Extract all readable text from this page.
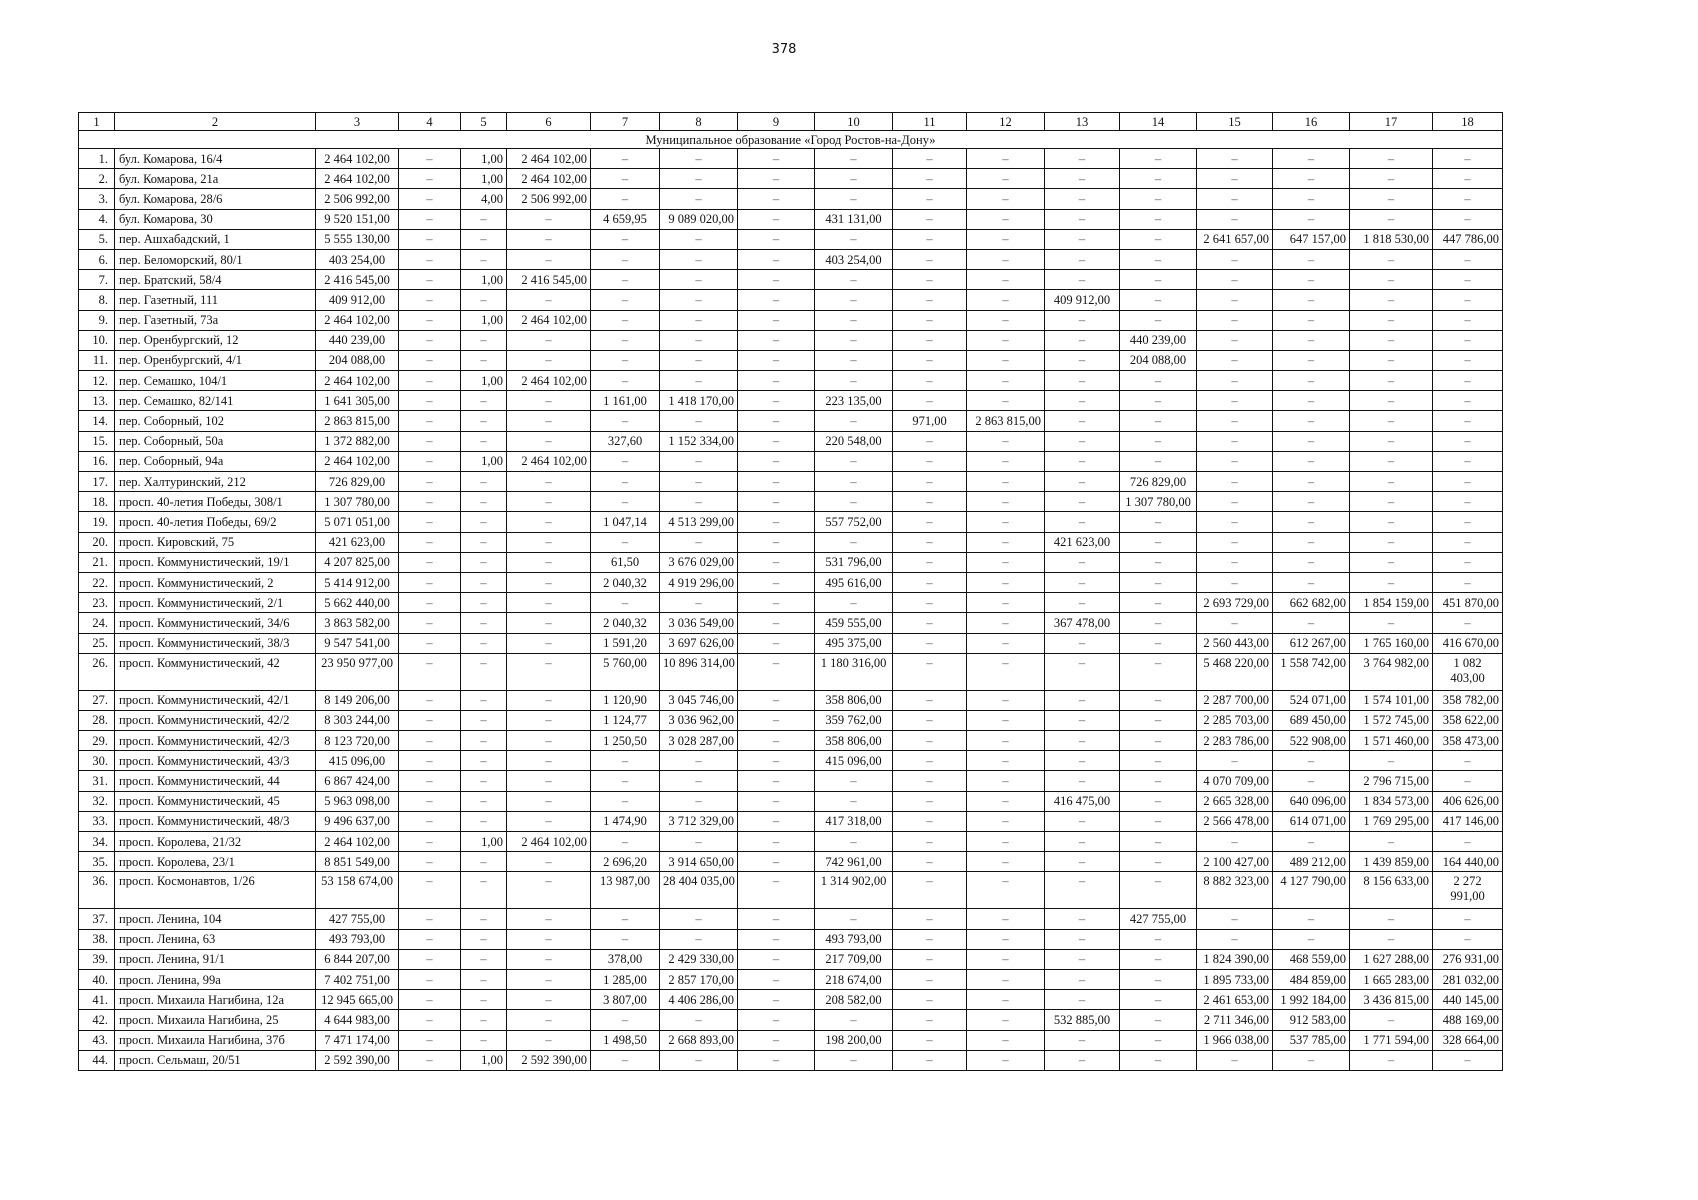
378
1	2	3	4	5	6	7	8	9	10	11	12	13	14	15	16	17	18
Муниципальное образование «Город Ростов-на-Дону»																	
1.	бул. Комарова, 16/4	2 464 102,00	–	1,00	2 464 102,00	–	–	–	–	–	–	–	–	–	–	–	–
2.	бул. Комарова, 21а	2 464 102,00	–	1,00	2 464 102,00	–	–	–	–	–	–	–	–	–	–	–	–
3.	бул. Комарова, 28/6	2 506 992,00	–	4,00	2 506 992,00	–	–	–	–	–	–	–	–	–	–	–	–
4.	бул. Комарова, 30	9 520 151,00	–	–	–	4 659,95	9 089 020,00	–	431 131,00	–	–	–	–	–	–	–	–
5.	пер. Ашхабадский, 1	5 555 130,00	–	–	–	–	–	–	–	–	–	–	–	2 641 657,00	647 157,00	1 818 530,00	447 786,00
6.	пер. Беломорский, 80/1	403 254,00	–	–	–	–	–	–	403 254,00	–	–	–	–	–	–	–	–
7.	пер. Братский, 58/4	2 416 545,00	–	1,00	2 416 545,00	–	–	–	–	–	–	–	–	–	–	–	–
8.	пер. Газетный, 111	409 912,00	–	–	–	–	–	–	–	–	–	409 912,00	–	–	–	–	–
9.	пер. Газетный, 73а	2 464 102,00	–	1,00	2 464 102,00	–	–	–	–	–	–	–	–	–	–	–	–
10.	пер. Оренбургский, 12	440 239,00	–	–	–	–	–	–	–	–	–	–	440 239,00	–	–	–	–
11.	пер. Оренбургский, 4/1	204 088,00	–	–	–	–	–	–	–	–	–	–	204 088,00	–	–	–	–
12.	пер. Семашко, 104/1	2 464 102,00	–	1,00	2 464 102,00	–	–	–	–	–	–	–	–	–	–	–	–
13.	пер. Семашко, 82/141	1 641 305,00	–	–	–	1 161,00	1 418 170,00	–	223 135,00	–	–	–	–	–	–	–	–
14.	пер. Соборный, 102	2 863 815,00	–	–	–	–	–	–	–	971,00	2 863 815,00	–	–	–	–	–	–
15.	пер. Соборный, 50а	1 372 882,00	–	–	–	327,60	1 152 334,00	–	220 548,00	–	–	–	–	–	–	–	–
16.	пер. Соборный, 94а	2 464 102,00	–	1,00	2 464 102,00	–	–	–	–	–	–	–	–	–	–	–	–
17.	пер. Халтуринский, 212	726 829,00	–	–	–	–	–	–	–	–	–	–	726 829,00	–	–	–	–
18.	просп. 40-летия Победы, 308/1	1 307 780,00	–	–	–	–	–	–	–	–	–	–	1 307 780,00	–	–	–	–
19.	просп. 40-летия Победы, 69/2	5 071 051,00	–	–	–	1 047,14	4 513 299,00	–	557 752,00	–	–	–	–	–	–	–	–
20.	просп. Кировский, 75	421 623,00	–	–	–	–	–	–	–	–	–	421 623,00	–	–	–	–	–
21.	просп. Коммунистический, 19/1	4 207 825,00	–	–	–	61,50	3 676 029,00	–	531 796,00	–	–	–	–	–	–	–	–
22.	просп. Коммунистический, 2	5 414 912,00	–	–	–	2 040,32	4 919 296,00	–	495 616,00	–	–	–	–	–	–	–	–
23.	просп. Коммунистический, 2/1	5 662 440,00	–	–	–	–	–	–	–	–	–	–	–	2 693 729,00	662 682,00	1 854 159,00	451 870,00
24.	просп. Коммунистический, 34/6	3 863 582,00	–	–	–	2 040,32	3 036 549,00	–	459 555,00	–	–	367 478,00	–	–	–	–	–
25.	просп. Коммунистический, 38/3	9 547 541,00	–	–	–	1 591,20	3 697 626,00	–	495 375,00	–	–	–	–	2 560 443,00	612 267,00	1 765 160,00	416 670,00
26.	просп. Коммунистический, 42	23 950 977,00	–	–	–	5 760,00	10 896 314,00	–	1 180 316,00	–	–	–	–	5 468 220,00	1 558 742,00	3 764 982,00	1 082 403,00
27.	просп. Коммунистический, 42/1	8 149 206,00	–	–	–	1 120,90	3 045 746,00	–	358 806,00	–	–	–	–	2 287 700,00	524 071,00	1 574 101,00	358 782,00
28.	просп. Коммунистический, 42/2	8 303 244,00	–	–	–	1 124,77	3 036 962,00	–	359 762,00	–	–	–	–	2 285 703,00	689 450,00	1 572 745,00	358 622,00
29.	просп. Коммунистический, 42/3	8 123 720,00	–	–	–	1 250,50	3 028 287,00	–	358 806,00	–	–	–	–	2 283 786,00	522 908,00	1 571 460,00	358 473,00
30.	просп. Коммунистический, 43/3	415 096,00	–	–	–	–	–	–	415 096,00	–	–	–	–	–	–	–	–
31.	просп. Коммунистический, 44	6 867 424,00	–	–	–	–	–	–	–	–	–	–	–	4 070 709,00	–	2 796 715,00	–
32.	просп. Коммунистический, 45	5 963 098,00	–	–	–	–	–	–	–	–	–	416 475,00	–	2 665 328,00	640 096,00	1 834 573,00	406 626,00
33.	просп. Коммунистический, 48/3	9 496 637,00	–	–	–	1 474,90	3 712 329,00	–	417 318,00	–	–	–	–	2 566 478,00	614 071,00	1 769 295,00	417 146,00
34.	просп. Королева, 21/32	2 464 102,00	–	1,00	2 464 102,00	–	–	–	–	–	–	–	–	–	–	–	–
35.	просп. Королева, 23/1	8 851 549,00	–	–	–	2 696,20	3 914 650,00	–	742 961,00	–	–	–	–	2 100 427,00	489 212,00	1 439 859,00	164 440,00
36.	просп. Космонавтов, 1/26	53 158 674,00	–	–	–	13 987,00	28 404 035,00	–	1 314 902,00	–	–	–	–	8 882 323,00	4 127 790,00	8 156 633,00	2 272 991,00
37.	просп. Ленина, 104	427 755,00	–	–	–	–	–	–	–	–	–	–	427 755,00	–	–	–	–
38.	просп. Ленина, 63	493 793,00	–	–	–	–	–	–	493 793,00	–	–	–	–	–	–	–	–
39.	просп. Ленина, 91/1	6 844 207,00	–	–	–	378,00	2 429 330,00	–	217 709,00	–	–	–	–	1 824 390,00	468 559,00	1 627 288,00	276 931,00
40.	просп. Ленина, 99а	7 402 751,00	–	–	–	1 285,00	2 857 170,00	–	218 674,00	–	–	–	–	1 895 733,00	484 859,00	1 665 283,00	281 032,00
41.	просп. Михаила Нагибина, 12а	12 945 665,00	–	–	–	3 807,00	4 406 286,00	–	208 582,00	–	–	–	–	2 461 653,00	1 992 184,00	3 436 815,00	440 145,00
42.	просп. Михаила Нагибина, 25	4 644 983,00	–	–	–	–	–	–	–	–	–	532 885,00	–	2 711 346,00	912 583,00	–	488 169,00
43.	просп. Михаила Нагибина, 37б	7 471 174,00	–	–	–	1 498,50	2 668 893,00	–	198 200,00	–	–	–	–	1 966 038,00	537 785,00	1 771 594,00	328 664,00
44.	просп. Сельмаш, 20/51	2 592 390,00	–	1,00	2 592 390,00	–	–	–	–	–	–	–	–	–	–	–	–
